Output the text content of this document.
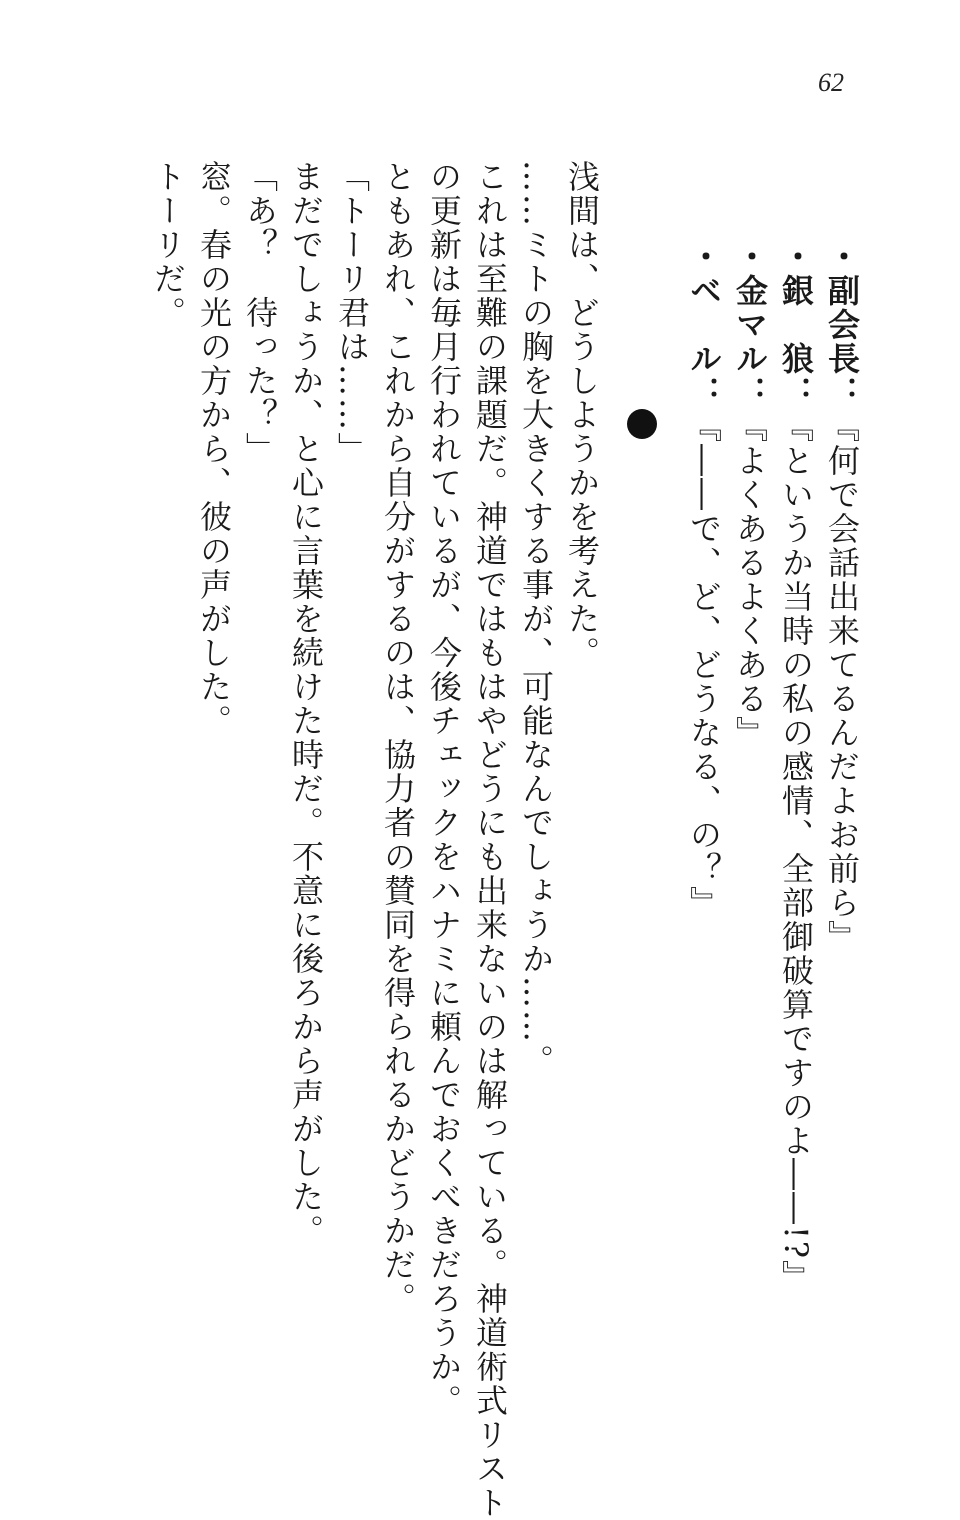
62
・副会長：『何で会話出来てるんだよお前ら』
・銀　狼：『というか当時の私の感情、全部御破算ですのよ――!?』
・金マル：『よくあるよくある』
・ベ　ル：『――で、ど、どうなる、の？』
浅間は、どうしようかを考えた。
……ミトの胸を大きくする事が、可能なんでしょうか……。
これは至難の課題だ。神道ではもはやどうにも出来ないのは解っている。神道術式リスト
の更新は毎月行われているが、今後チェックをハナミに頼んでおくべきだろうか。
ともあれ、これから自分がするのは、協力者の賛同を得られるかどうかだ。
「トーリ君は……」
まだでしょうか、と心に言葉を続けた時だ。不意に後ろから声がした。
「あ？　待った？」
窓。春の光の方から、彼の声がした。
トーリだ。
